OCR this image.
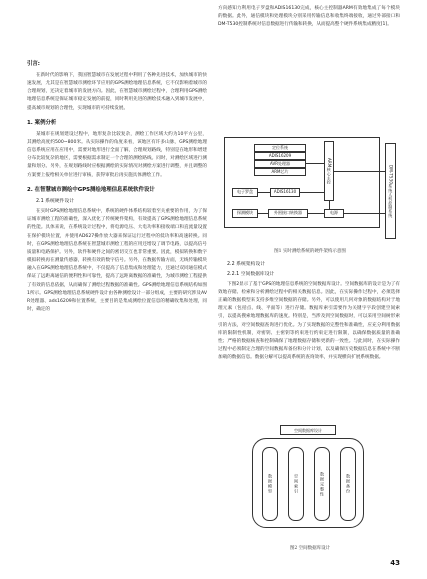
引言:

在新时代的影响下，我国智慧城市在发展过程中利用了各种先进技术，加快城市的快速发展，尤其是在智慧城市测绘环节应用的GPS测绘地理信息系统，它不仅影响着城市的合理规划，还决定着城市的发展方向。因此，在智慧城市测绘过程中，合理利用GPS测绘地理信息系统是保证城市稳定发展的前提，同时利用先进的测绘技术融入到城市发展中，提高城市规划的合理性，实现城市的可持续发展。

1. 案例分析

某城市在规划建设过程中，地形复杂比较复杂，测绘工作区域大约为10平方公里，其测绘高度约500~800米。从实际操作的角度来看，该地区有许多山脉，GPS测绘地理信息系统应用在应用中，需要对地形进行全面了解，合理规划路线，特别是在地形和增建分布比较复杂的地区，需要根据需求制定一个合理的测绘路线。同时，对测绘区域进行测量和划分。另外，在规划路线时应根据测绘的实际情况对测绘方案进行调整，并且调整的方案要上报给相关单位进行审核，获得审批后再实施具体测绘工作。

2. 在智慧城市测绘中GPS测绘地理信息系统软件设计
2.1 系统硬件设计

在实时GPS测绘地理信息系统中，系统的硬件体系结构较着至关重要的作用，为了保证城市测绘工程的准确性，深入优化了传统硬件架构，有效提高了GPS测绘地理信息系统的性能。具体来说，在系统设计过程中，将电源电压、大电功率和接收端口和直流量设置在保护模块位置，并使用AD627操作放大器来保证运行过程中的低功率和高速转换。同时，在GPS测绘地理信息系统在智慧城市测绘工程的应用还增设了调节电路，以提高信号质量和电路保护。另外，软件和硬件之间的密切交互也非常重要。因此，模拟转换和数字模拟转换再在测量传感器，转换有效的数字信号。另外，在数据传输方面，无线传输模块融入在GPS测绘地理信息系统中，不仅提高了信息集成和处理能力，还通过双同通信模式保证了远距离通信的便利性和可靠性，提高了远距离数据的准确性，为城市测绘工程提供了有效的信息依据，从而确保了测绘过程数据的准确性。GPS测绘地理信息系统结构如图1所示。GPS测绘地理信息系统硬件设计由各种测绘设计一部分组成，主要的研究涉及AVR处理器、ads16209和位置系统，主要目的是集成测绘位置信息的精确收集和处理，同时，确定的

方向感知力利用电子罗盘和ADIS16130完成，核心主控制器ARM有效地集成了每个模块的数据。此外，通信模块和处理模块分别采用传输信息和收集终端接收，通过外部接口和DM-T530控制系统对信息数据进行传输和转换，从而提高整个硬件系统集成精度[1]。

定位系统
ADIS16209
AVR处理器
ARM芯片	ARM核心主控	DM-T530系统人机控制系统
电子罗盘	ADIS16130
探测模块	外围接口转换器	电源
图1 实时测绘系统的硬件架构示意图
2.2 系统架构设计
2.2.1 空间数据库设计

下图2显示了基于GPS的地理信息系统的空间数据库设计。空间数据库的设计是为了有效地存储、检索和分析测绘过程中的相关数据信息。因此，在实际操作过程中，必须选择正确的数据模型来支持多维空间数据的存储。另外，可以使用几何对象的数据结构对于地理元素（包括点、线、平面等）进行存储。数据库索引需要作为关键字字段创建空间索引，以提高搜索地理数据库的速度。特别是，当涉及到空间数据时，可以采用空间树形索引的方法，对空间数据查询进行优化。为了实现数据的完整性和准确性，应充分利用数据库的限制性机制，对密钥、主密钥等约束进行约束定进行限制，以确保数据质量的准确性；严格的数据核查和控制确保了地理数据存储和更新的一致性。与此同时，在实际操作过程中必须制定合理的空间数据库备份和分片计划，以及确保历史数据信息在系统中不断加载的数据信息。数据分解可以提高系统的查询效率，并实现横向扩展系统数据。

空间数据库设计
数据模型	空间索引	数据完整性	数据备份
图2 空间数据库设计
43
